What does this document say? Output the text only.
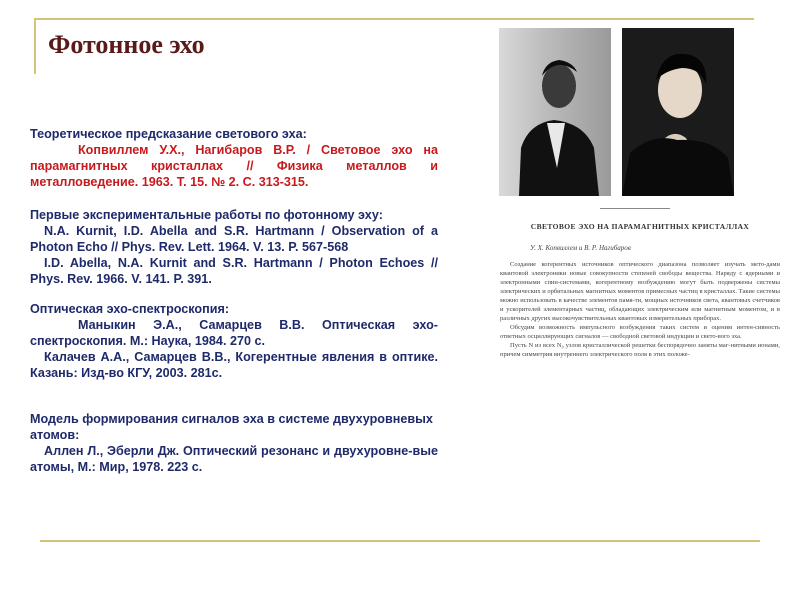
Фотонное эхо

Теоретическое предсказание светового эха:

Копвиллем У.Х., Нагибаров В.Р. / Световое эхо на парамагнитных кристаллах // Физика металлов и металловедение. 1963. Т. 15. № 2. С. 313-315.

Первые экспериментальные работы по фотонному эху:

N.A. Kurnit, I.D. Abella and S.R. Hartmann / Observation of a Photon Echo // Phys. Rev. Lett. 1964. V. 13. P. 567-568

I.D. Abella, N.A. Kurnit and S.R. Hartmann / Photon Echoes // Phys. Rev. 1966. V. 141. P. 391.

Оптическая эхо-спектроскопия:

Маныкин Э.А., Самарцев В.В. Оптическая эхо-спектроскопия. М.: Наука, 1984. 270 с.

Калачев А.А., Самарцев В.В., Когерентные явления в оптике. Казань: Изд-во КГУ, 2003. 281с.

Модель формирования сигналов эха в системе двухуровневых атомов:

Аллен Л., Эберли Дж. Оптический резонанс и двухуровне-вые атомы, М.: Мир, 1978. 223 с.

СВЕТОВОЕ ЭХО НА ПАРАМАГНИТНЫХ КРИСТАЛЛАХ
У. Х. Копвиллем и В. Р. Нагибаров

Создание когерентных источников оптического диапазона позволяет изучать мето-дами квантовой электроники новые совокупности степеней свободы вещества. Наряду с ядерными и электронными спин-системами, когерентному возбуждению могут быть подвержены системы электрических и орбитальных магнитных моментов примесных частиц в кристаллах. Такие системы можно использовать в качестве элементов памя-ти, мощных источников света, квантовых счетчиков и ускорителей элементарных частиц, обладающих электрическим или магнитным моментом, и в различных других высокочувствительных квантовых измерительных приборах.

Обсудим возможность импульсного возбуждения таких систем и оценим интен-сивность ответных осциллирующих сигналов — свободной световой индукции и свето-вого эха.

Пусть N из всех N₀ узлов кристаллической решетки беспорядочно заняты маг-нитными ионами, причем симметрия внутреннего электрического поля в этих положе-
